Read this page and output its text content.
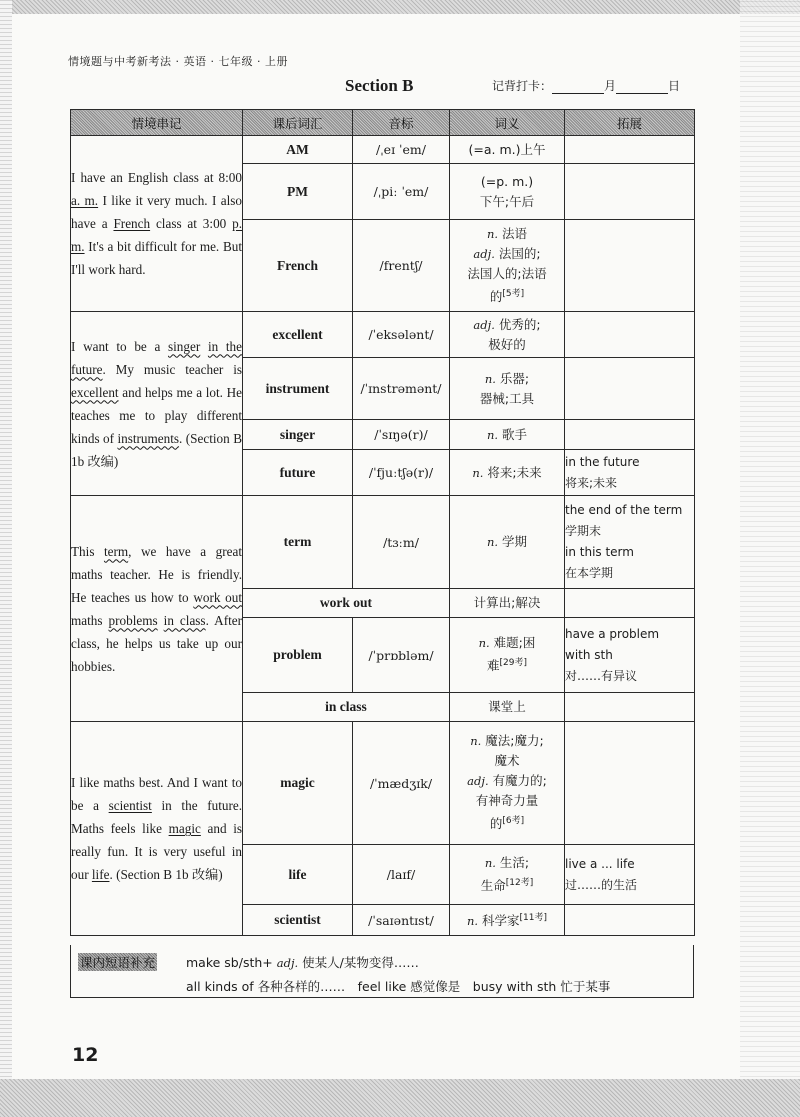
情境题与中考新考法 · 英语 · 七年级 · 上册
Section B	记背打卡：	月	日
情境串记	课后词汇	音标	词义	拓展
I have an English class at 8:00 a. m. I like it very much. I also have a French class at 3:00 p. m. It's a bit difficult for me. But I'll work hard.	AM	/ˌeɪ ˈem/	(=a. m.)上午	
	PM	/ˌpiː ˈem/	(=p. m.)
下午;午后	
	French	/frentʃ/	n. 法语
adj. 法国的;
法国人的;法语
的[5考]	
I want to be a singer in the future. My music teacher is excellent and helps me a lot. He teaches me to play different kinds of instruments. (Section B 1b 改编)	excellent	/ˈeksələnt/	adj. 优秀的;
极好的	
	instrument	/ˈɪnstrəmənt/	n. 乐器;
器械;工具	
	singer	/ˈsɪŋə(r)/	n. 歌手	
	future	/ˈfjuːtʃə(r)/	n. 将来;未来	in the future
将来;未来
This term, we have a great maths teacher. He is friendly. He teaches us how to work out maths problems in class. After class, he helps us take up our hobbies.	term	/tɜːm/	n. 学期	the end of the term
学期末
in this term
在本学期
	work out		计算出;解决	
	problem	/ˈprɒbləm/	n. 难题;困
难[29考]	have a problem
with sth
对……有异议
	in class		课堂上	
I like maths best. And I want to be a scientist in the future. Maths feels like magic and is really fun. It is very useful in our life. (Section B 1b 改编)	magic	/ˈmædʒɪk/	n. 魔法;魔力;
魔术
adj. 有魔力的;
有神奇力量
的[6考]	
	life	/laɪf/	n. 生活;
生命[12考]	live a ... life
过……的生活
	scientist	/ˈsaɪəntɪst/	n. 科学家[11考]	
课内短语补充 make sb/sth+ adj. 使某人/某物变得……
all kinds of 各种各样的……　feel like 感觉像是　busy with sth 忙于某事
12
